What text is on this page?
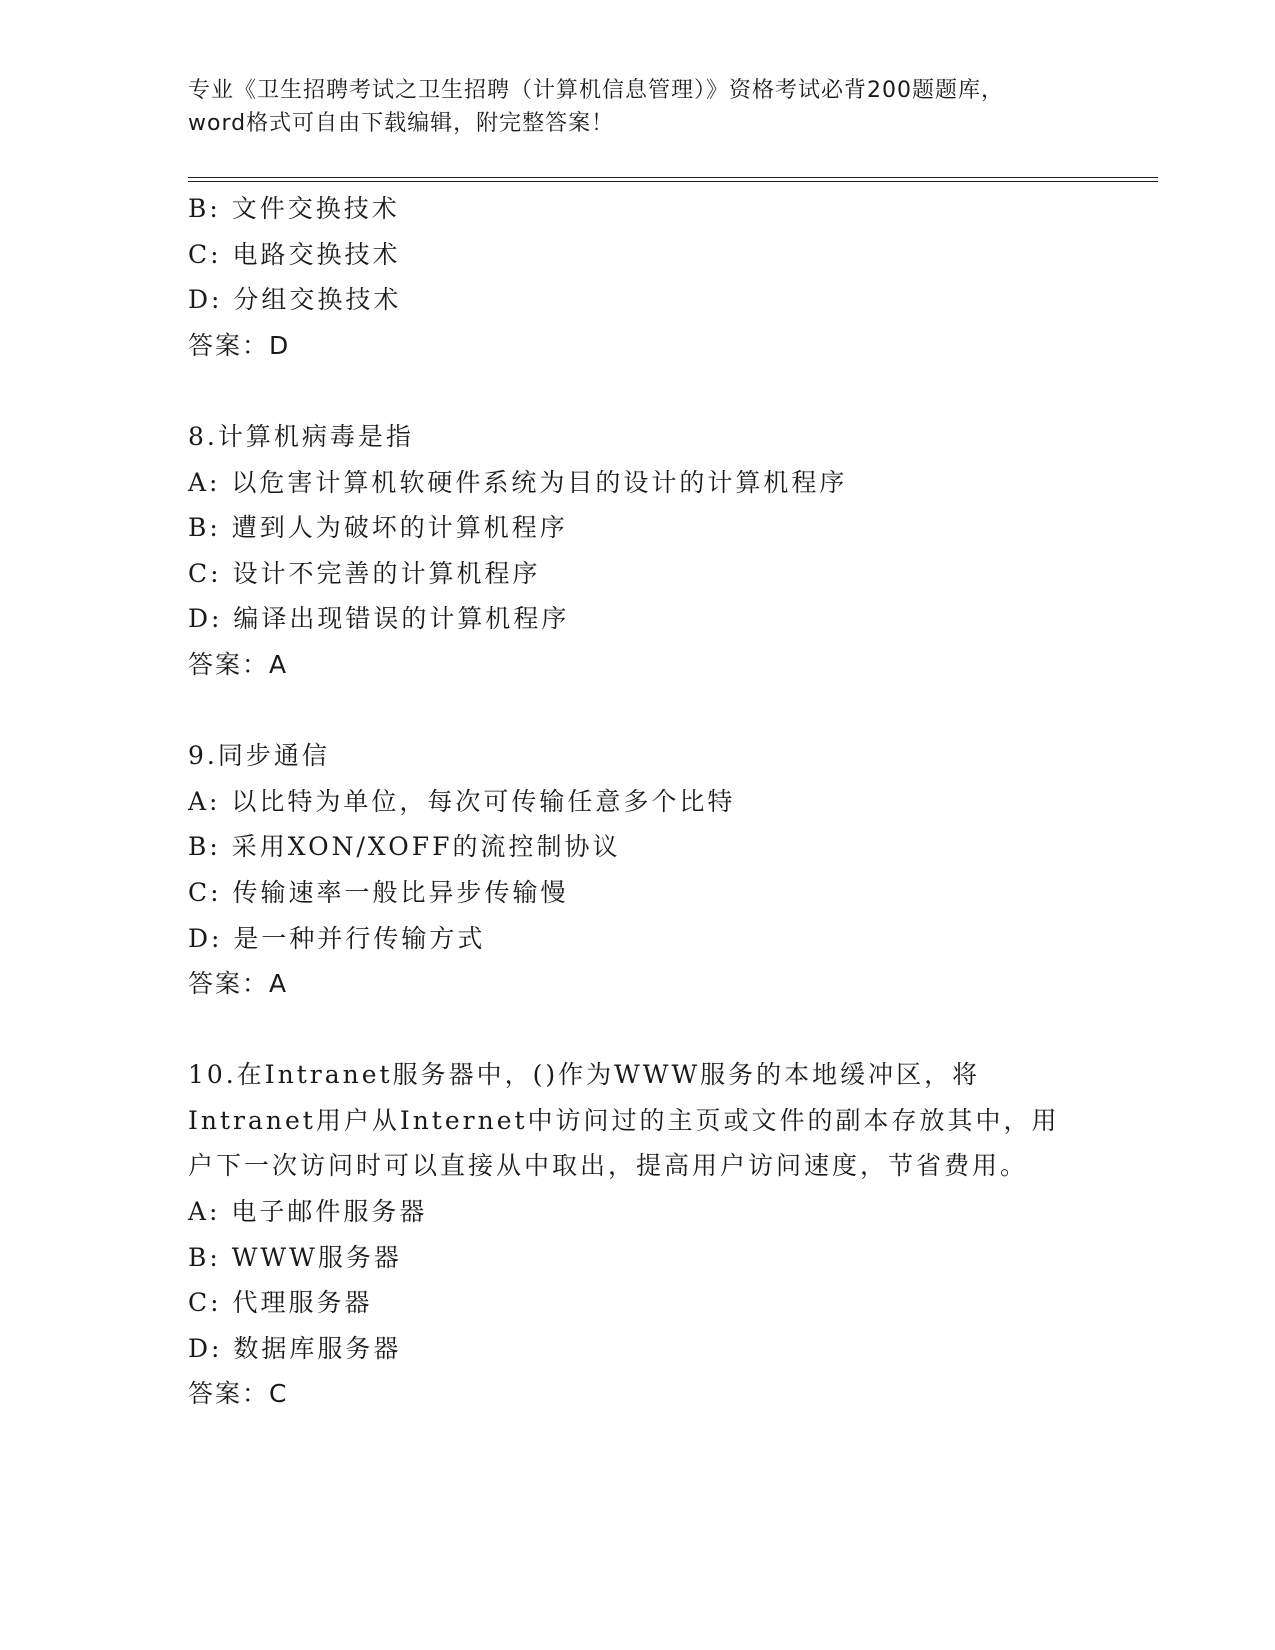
专业《卫生招聘考试之卫生招聘（计算机信息管理）》资格考试必背200题题库，
word格式可自由下载编辑，附完整答案！
B: 文件交换技术
C: 电路交换技术
D: 分组交换技术
答案：D
8.计算机病毒是指
A: 以危害计算机软硬件系统为目的设计的计算机程序
B: 遭到人为破坏的计算机程序
C: 设计不完善的计算机程序
D: 编译出现错误的计算机程序
答案：A
9.同步通信
A: 以比特为单位，每次可传输任意多个比特
B: 采用XON/XOFF的流控制协议
C: 传输速率一般比异步传输慢
D: 是一种并行传输方式
答案：A
10.在Intranet服务器中，()作为WWW服务的本地缓冲区，将
Intranet用户从Internet中访问过的主页或文件的副本存放其中，用
户下一次访问时可以直接从中取出，提高用户访问速度，节省费用。
A: 电子邮件服务器
B: WWW服务器
C: 代理服务器
D: 数据库服务器
答案：C
